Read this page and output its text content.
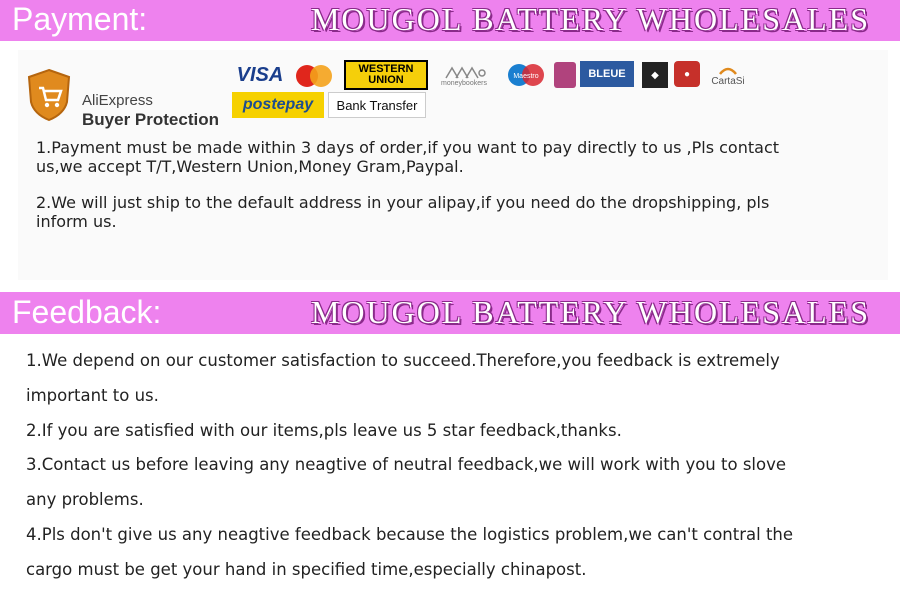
Payment:	MOUGOL BATTERY WHOLESALES
AliExpress
Buyer Protection
VISA	WESTERN
UNION	moneybookers
Maestro	BLEUE	◆	●
CartaSi
postepay	Bank Transfer
1.Payment must be made within 3 days of order,if you want to pay directly to us ,Pls contact us,we accept T/T,Western Union,Money Gram,Paypal.
2.We will just ship to the default address in your alipay,if you need do the dropshipping, pls inform us.
Feedback:	MOUGOL BATTERY WHOLESALES
1.We depend on our customer satisfaction to succeed.Therefore,you feedback is extremely
important to us.
2.If you are satisfied with our items,pls leave us 5 star feedback,thanks.
3.Contact us before leaving any neagtive of neutral feedback,we will work with you to slove
any problems.
4.Pls don't give us any neagtive feedback because the logistics problem,we can't contral the
cargo must be get your hand in specified time,especially chinapost.
